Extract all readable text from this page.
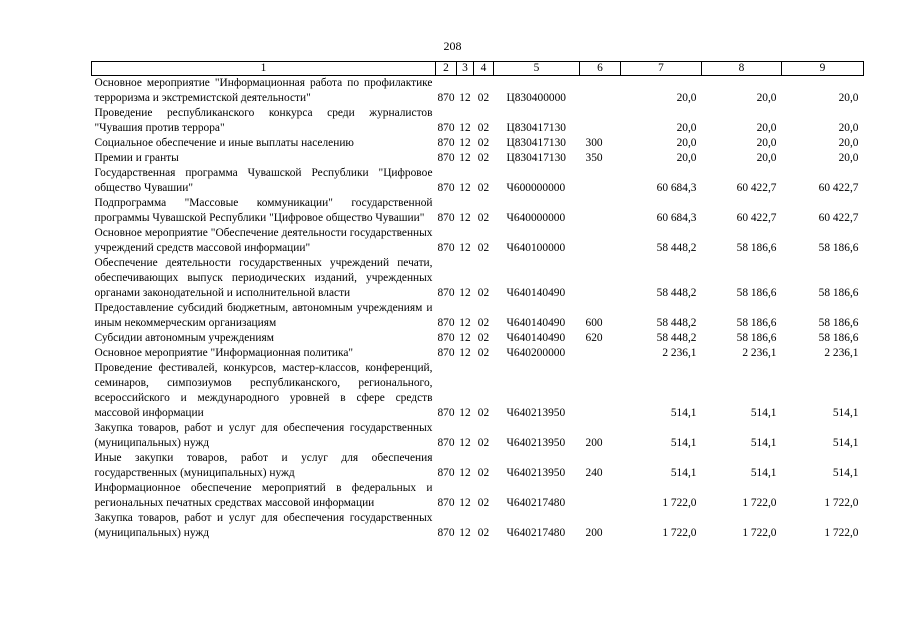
208
1	2	3	4	5	6	7	8	9
Основное мероприятие "Информационная работа по профилактике терроризма и экстремистской деятельности"	870	12	02	Ц830400000		20,0	20,0	20,0
Проведение республиканского конкурса среди журналистов "Чувашия против террора"	870	12	02	Ц830417130		20,0	20,0	20,0
Социальное обеспечение и иные выплаты населению	870	12	02	Ц830417130	300	20,0	20,0	20,0
Премии и гранты	870	12	02	Ц830417130	350	20,0	20,0	20,0
Государственная программа Чувашской Республики "Цифровое общество Чувашии"	870	12	02	Ч600000000		60 684,3	60 422,7	60 422,7
Подпрограмма "Массовые коммуникации" государственной программы Чувашской Республики "Цифровое общество Чувашии"	870	12	02	Ч640000000		60 684,3	60 422,7	60 422,7
Основное мероприятие "Обеспечение деятельности государственных учреждений средств массовой информации"	870	12	02	Ч640100000		58 448,2	58 186,6	58 186,6
Обеспечение деятельности государственных учреждений печати, обеспечивающих выпуск периодических изданий, учрежденных органами законодательной и исполнительной власти	870	12	02	Ч640140490		58 448,2	58 186,6	58 186,6
Предоставление субсидий бюджетным, автономным учреждениям и иным некоммерческим организациям	870	12	02	Ч640140490	600	58 448,2	58 186,6	58 186,6
Субсидии автономным учреждениям	870	12	02	Ч640140490	620	58 448,2	58 186,6	58 186,6
Основное мероприятие "Информационная политика"	870	12	02	Ч640200000		2 236,1	2 236,1	2 236,1
Проведение фестивалей, конкурсов, мастер-классов, конференций, семинаров, симпозиумов республиканского, регионального, всероссийского и международного уровней в сфере средств массовой информации	870	12	02	Ч640213950		514,1	514,1	514,1
Закупка товаров, работ и услуг для обеспечения государственных (муниципальных) нужд	870	12	02	Ч640213950	200	514,1	514,1	514,1
Иные закупки товаров, работ и услуг для обеспечения государственных (муниципальных) нужд	870	12	02	Ч640213950	240	514,1	514,1	514,1
Информационное обеспечение мероприятий в федеральных и региональных печатных средствах массовой информации	870	12	02	Ч640217480		1 722,0	1 722,0	1 722,0
Закупка товаров, работ и услуг для обеспечения государственных (муниципальных) нужд	870	12	02	Ч640217480	200	1 722,0	1 722,0	1 722,0
